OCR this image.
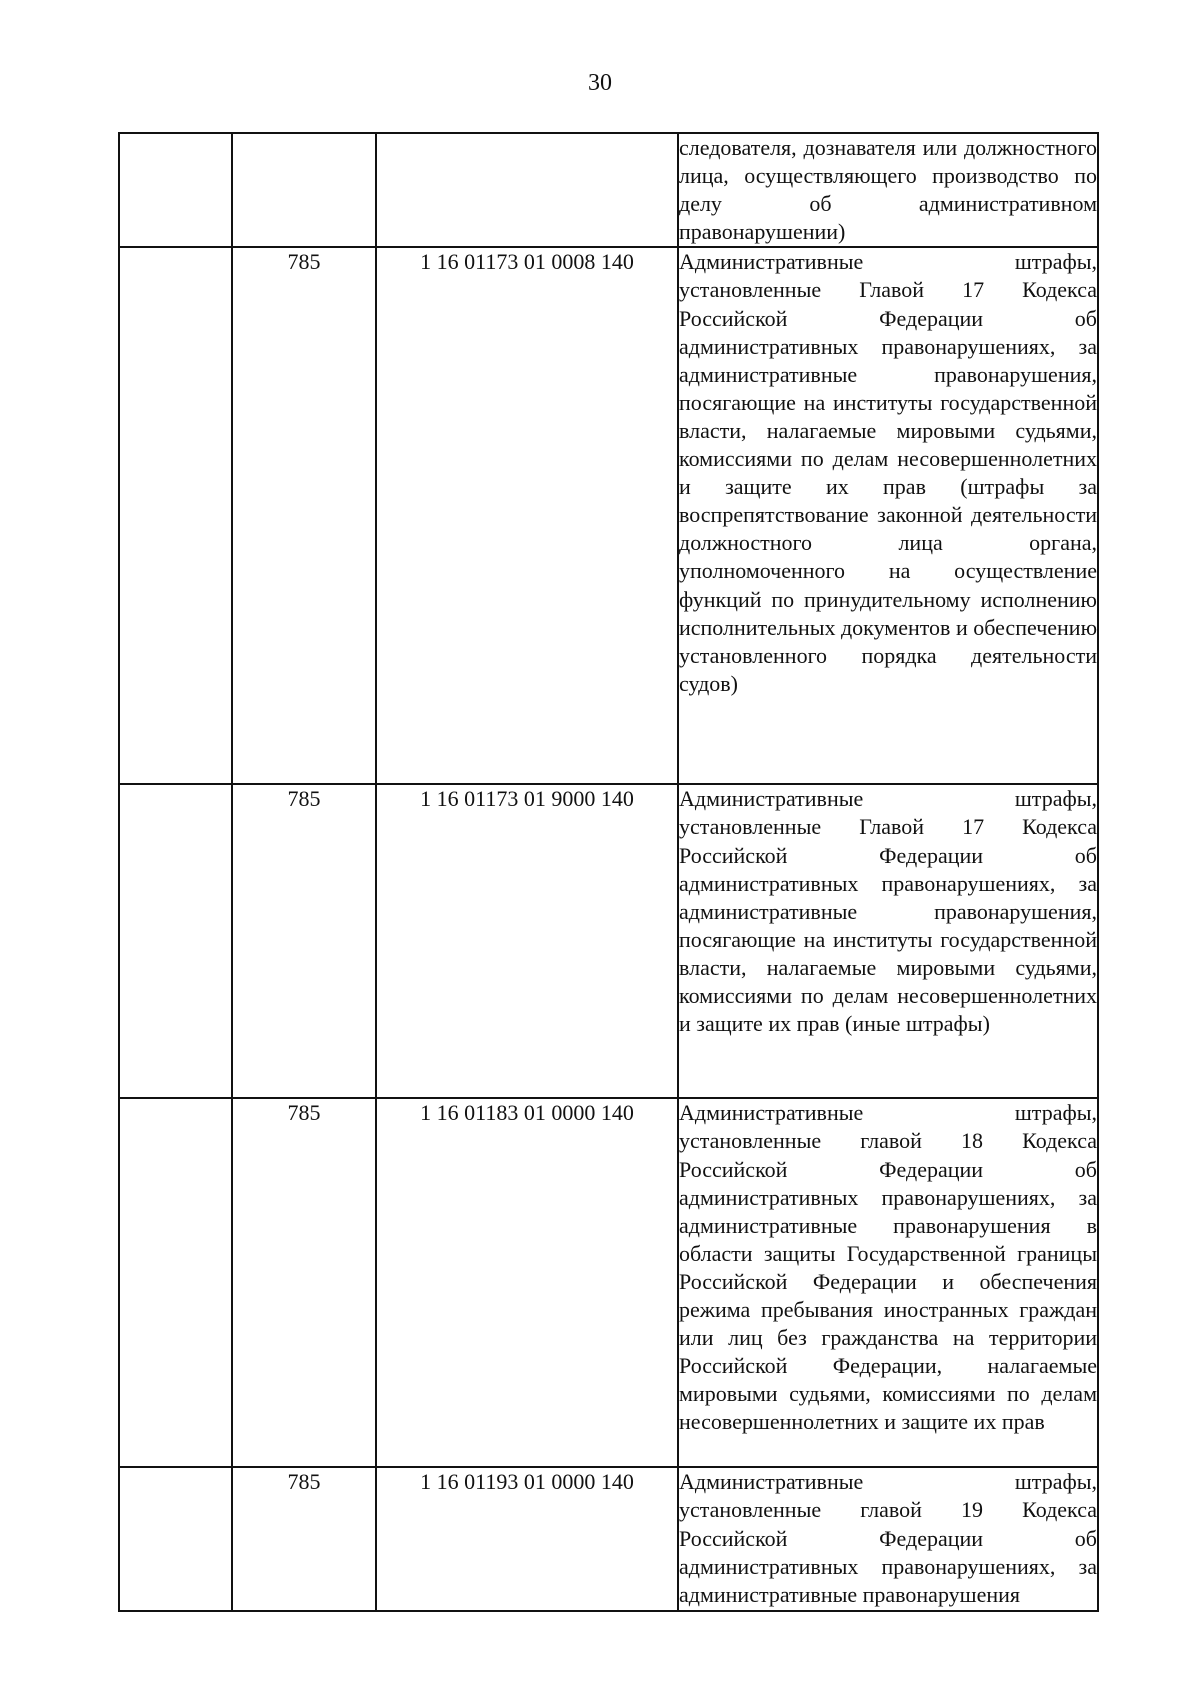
30

			следователя, дознавателя или должностного лица, осуществляющего производство по делу об административном правонарушении)

	785	1 16 01173 01 0008 140	Административные штрафы, установленные Главой 17 Кодекса Российской Федерации об административных правонарушениях, за административные правонарушения, посягающие на институты государственной власти, налагаемые мировыми судьями, комиссиями по делам несовершеннолетних и защите их прав (штрафы за воспрепятствование законной деятельности должностного лица органа, уполномоченного на осуществление функций по принудительному исполнению исполнительных документов и обеспечению установленного порядка деятельности судов)

	785	1 16 01173 01 9000 140	Административные штрафы, установленные Главой 17 Кодекса Российской Федерации об административных правонарушениях, за административные правонарушения, посягающие на институты государственной власти, налагаемые мировыми судьями, комиссиями по делам несовершеннолетних и защите их прав (иные штрафы)

	785	1 16 01183 01 0000 140	Административные штрафы, установленные главой 18 Кодекса Российской Федерации об административных правонарушениях, за административные правонарушения в области защиты Государственной границы Российской Федерации и обеспечения режима пребывания иностранных граждан или лиц без гражданства на территории Российской Федерации, налагаемые мировыми судьями, комиссиями по делам несовершеннолетних и защите их прав

	785	1 16 01193 01 0000 140	Административные штрафы, установленные главой 19 Кодекса Российской Федерации об административных правонарушениях, за административные правонарушения
